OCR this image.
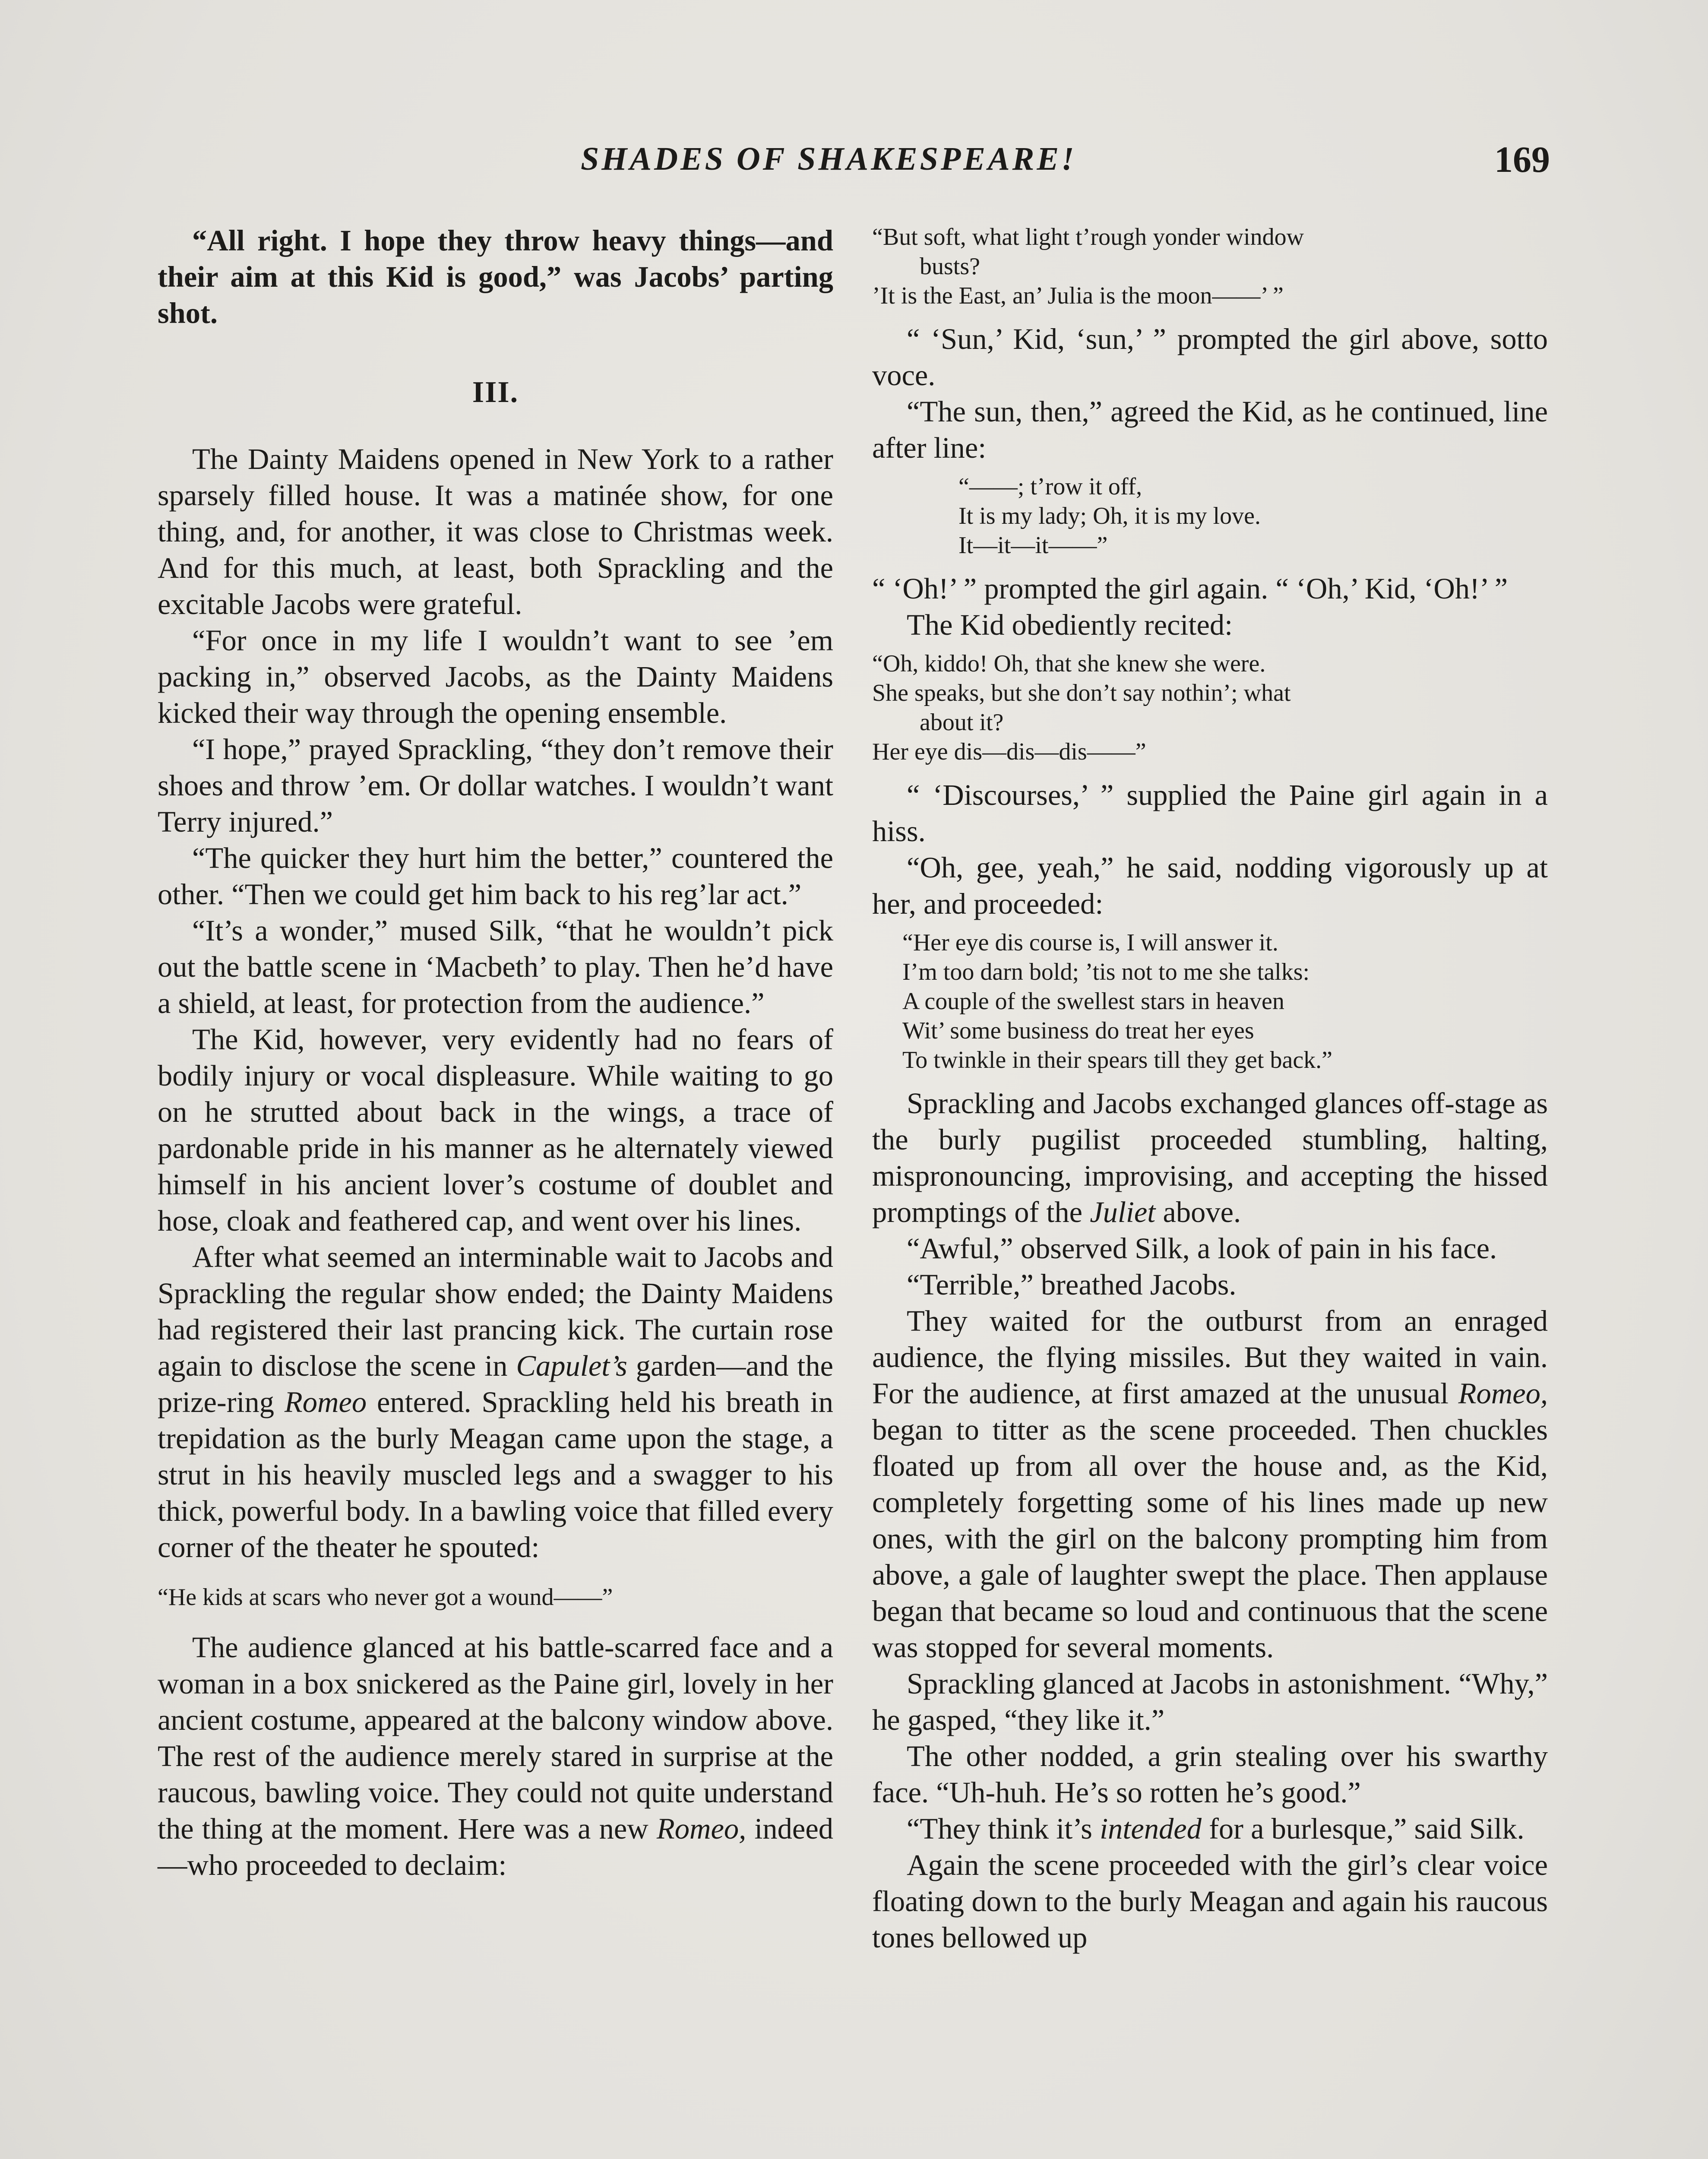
SHADES OF SHAKESPEARE!	169

“All right. I hope they throw heavy things—and their aim at this Kid is good,” was Jacobs’ parting shot.

III.

The Dainty Maidens opened in New York to a rather sparsely filled house. It was a matinée show, for one thing, and, for another, it was close to Christmas week. And for this much, at least, both Sprackling and the excitable Jacobs were grateful.

“For once in my life I wouldn’t want to see ’em packing in,” observed Jacobs, as the Dainty Maidens kicked their way through the opening ensemble.

“I hope,” prayed Sprackling, “they don’t remove their shoes and throw ’em. Or dollar watches. I wouldn’t want Terry injured.”

“The quicker they hurt him the better,” countered the other. “Then we could get him back to his reg’lar act.”

“It’s a wonder,” mused Silk, “that he wouldn’t pick out the battle scene in ‘Macbeth’ to play. Then he’d have a shield, at least, for protection from the audience.”

The Kid, however, very evidently had no fears of bodily injury or vocal displeasure. While waiting to go on he strutted about back in the wings, a trace of pardonable pride in his manner as he alternately viewed himself in his ancient lover’s costume of doublet and hose, cloak and feathered cap, and went over his lines.

After what seemed an interminable wait to Jacobs and Sprackling the regular show ended; the Dainty Maidens had registered their last prancing kick. The curtain rose again to disclose the scene in Capulet’s garden—and the prize-ring Romeo entered. Sprackling held his breath in trepidation as the burly Meagan came upon the stage, a strut in his heavily muscled legs and a swagger to his thick, powerful body. In a bawling voice that filled every corner of the theater he spouted:

“He kids at scars who never got a wound——”

The audience glanced at his battle-scarred face and a woman in a box snickered as the Paine girl, lovely in her ancient costume, appeared at the balcony window above. The rest of the audience merely stared in surprise at the raucous, bawling voice. They could not quite understand the thing at the moment. Here was a new Romeo, indeed—who proceeded to declaim:

“But soft, what light t’rough yonder window
busts?
’It is the East, an’ Julia is the moon——’ ”

“ ‘Sun,’ Kid, ‘sun,’ ” prompted the girl above, sotto voce.

“The sun, then,” agreed the Kid, as he continued, line after line:

“——; t’row it off,
It is my lady; Oh, it is my love.
It—it—it——”

“ ‘Oh!’ ” prompted the girl again. “ ‘Oh,’ Kid, ‘Oh!’ ”

The Kid obediently recited:

“Oh, kiddo! Oh, that she knew she were.
She speaks, but she don’t say nothin’; what
about it?
Her eye dis—dis—dis——”

“ ‘Discourses,’ ” supplied the Paine girl again in a hiss.

“Oh, gee, yeah,” he said, nodding vigorously up at her, and proceeded:

“Her eye dis course is, I will answer it.
I’m too darn bold; ’tis not to me she talks:
A couple of the swellest stars in heaven
Wit’ some business do treat her eyes
To twinkle in their spears till they get back.”

Sprackling and Jacobs exchanged glances off-stage as the burly pugilist proceeded stumbling, halting, mispronouncing, improvising, and accepting the hissed promptings of the Juliet above.

“Awful,” observed Silk, a look of pain in his face.

“Terrible,” breathed Jacobs.

They waited for the outburst from an enraged audience, the flying missiles. But they waited in vain. For the audience, at first amazed at the unusual Romeo, began to titter as the scene proceeded. Then chuckles floated up from all over the house and, as the Kid, completely forgetting some of his lines made up new ones, with the girl on the balcony prompting him from above, a gale of laughter swept the place. Then applause began that became so loud and continuous that the scene was stopped for several moments.

Sprackling glanced at Jacobs in astonishment. “Why,” he gasped, “they like it.”

The other nodded, a grin stealing over his swarthy face. “Uh-huh. He’s so rotten he’s good.”

“They think it’s intended for a burlesque,” said Silk.

Again the scene proceeded with the girl’s clear voice floating down to the burly Meagan and again his raucous tones bellowed up
